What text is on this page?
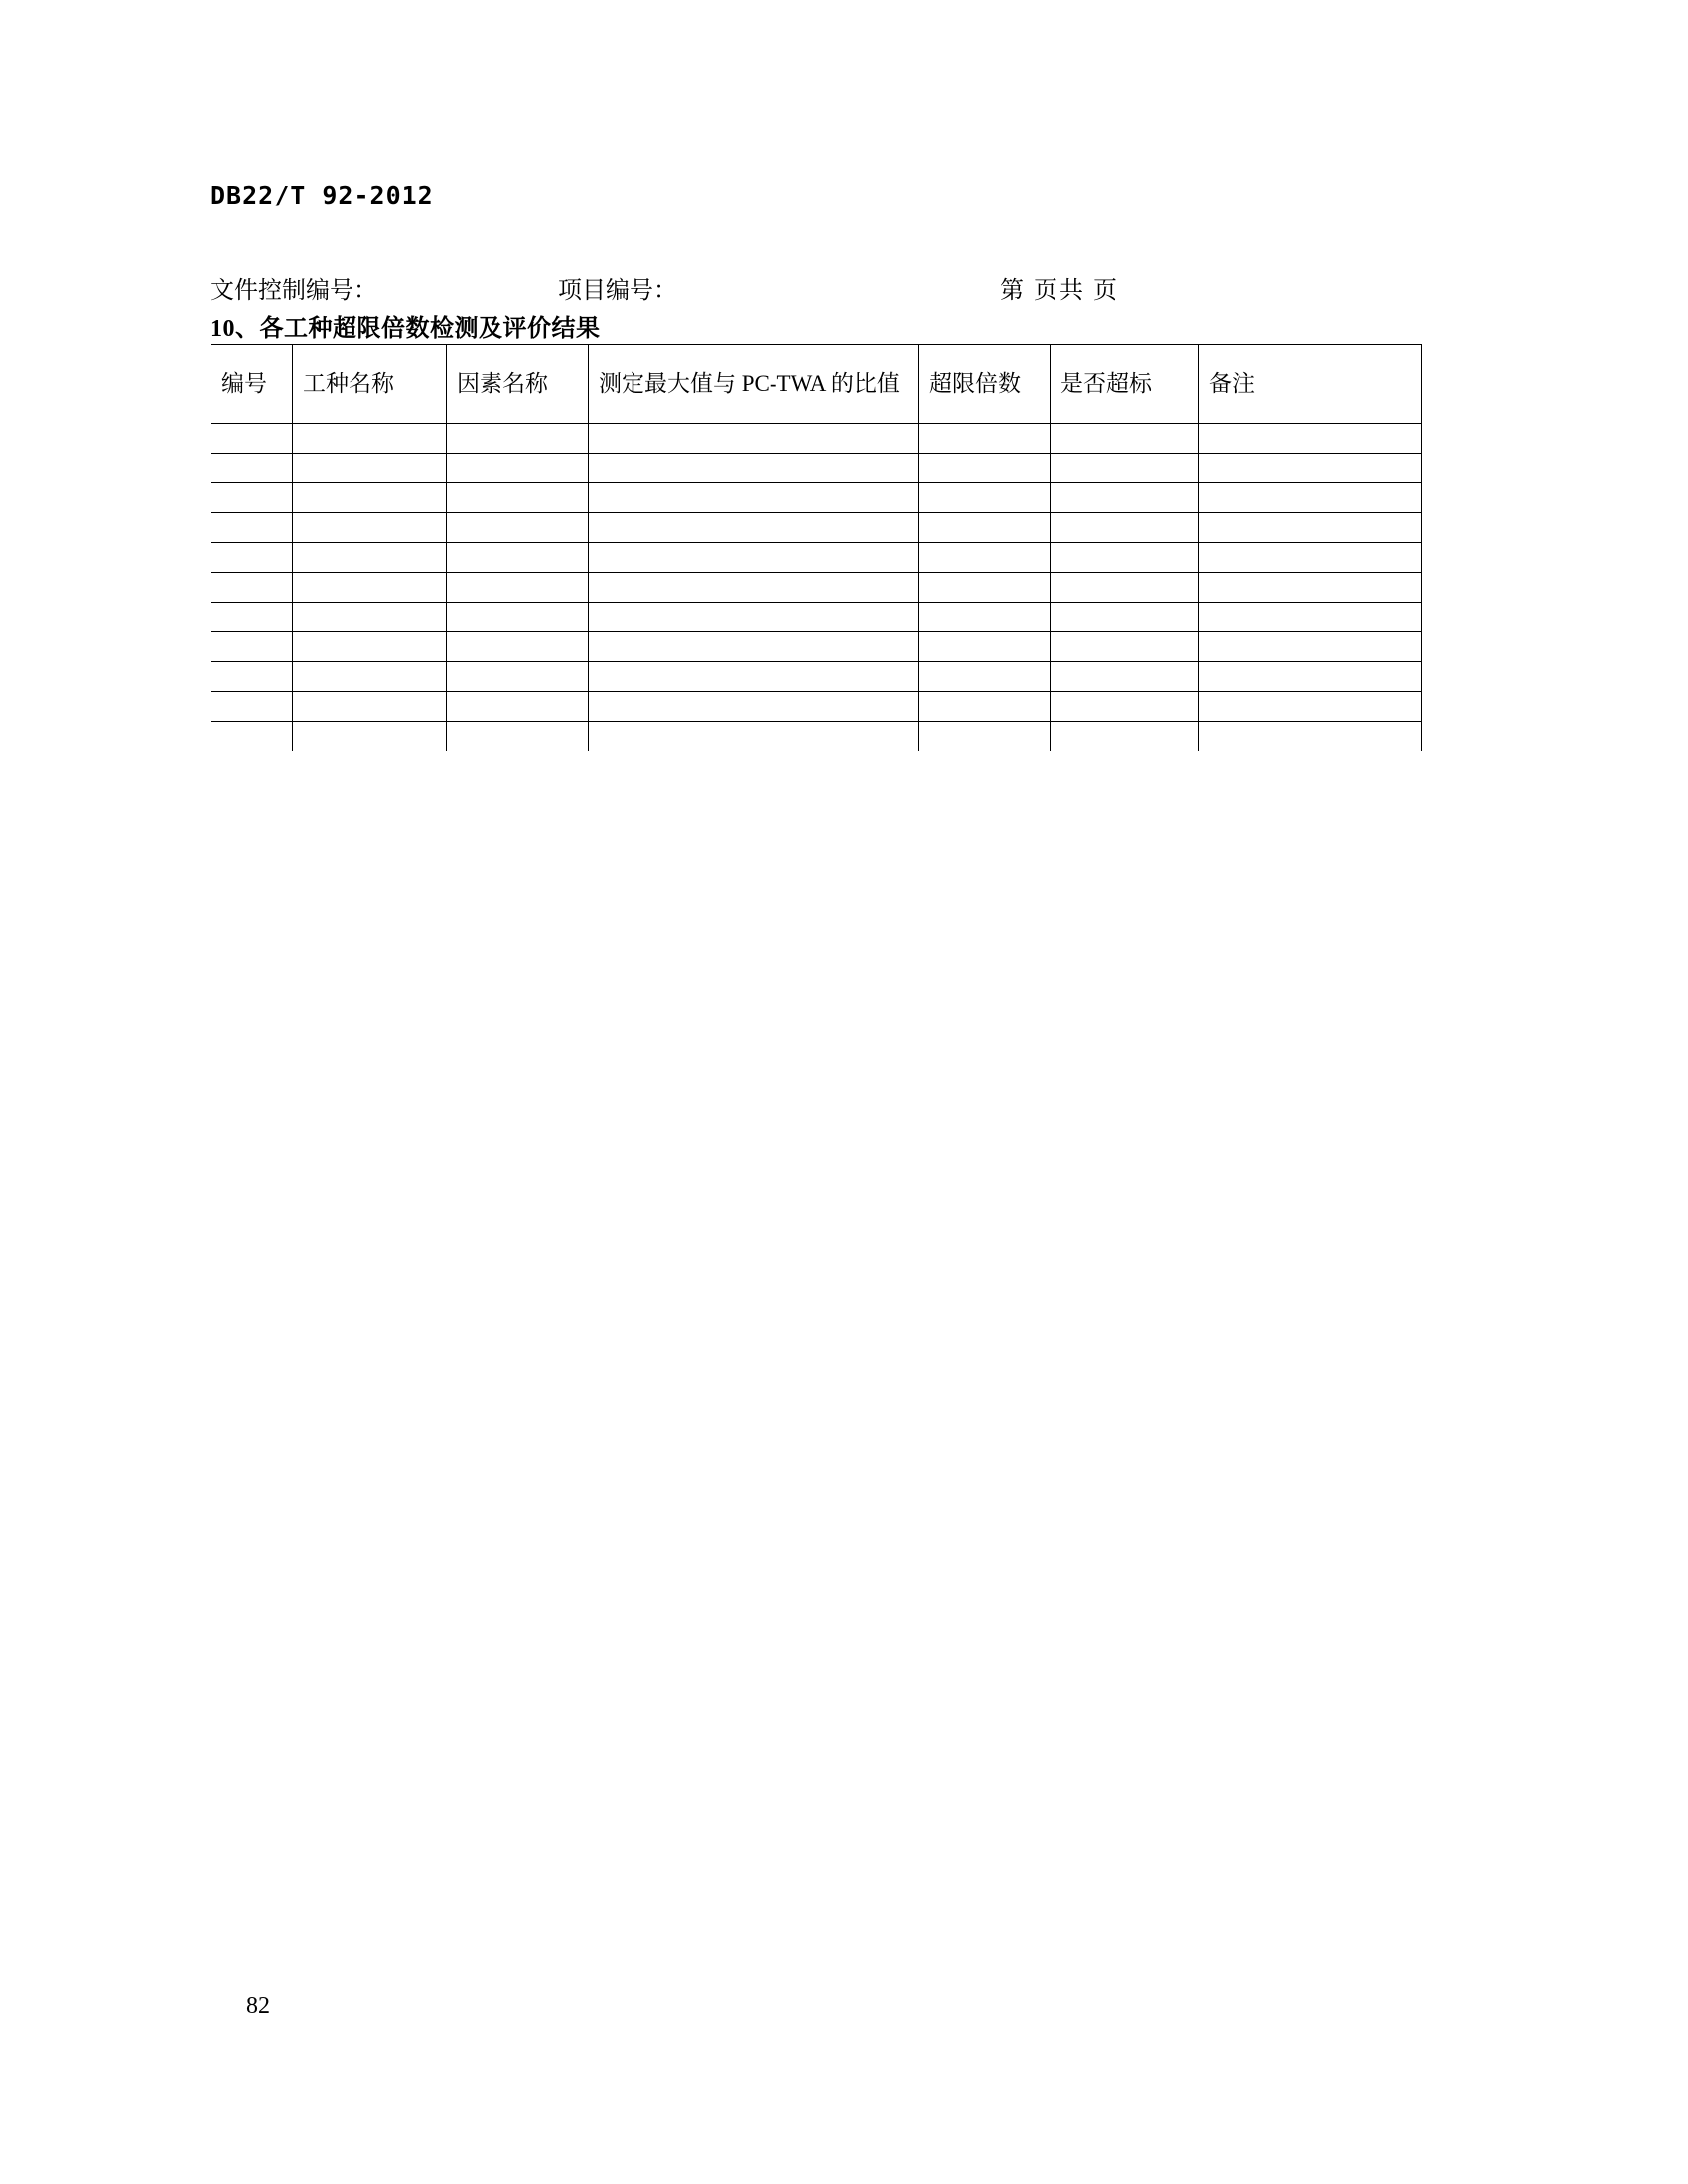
DB22/T 92-2012
文件控制编号：	项目编号：	第 页共 页
10、各工种超限倍数检测及评价结果
编号	工种名称	因素名称	测定最大值与 PC-TWA 的比值	超限倍数	是否超标	备注

82
